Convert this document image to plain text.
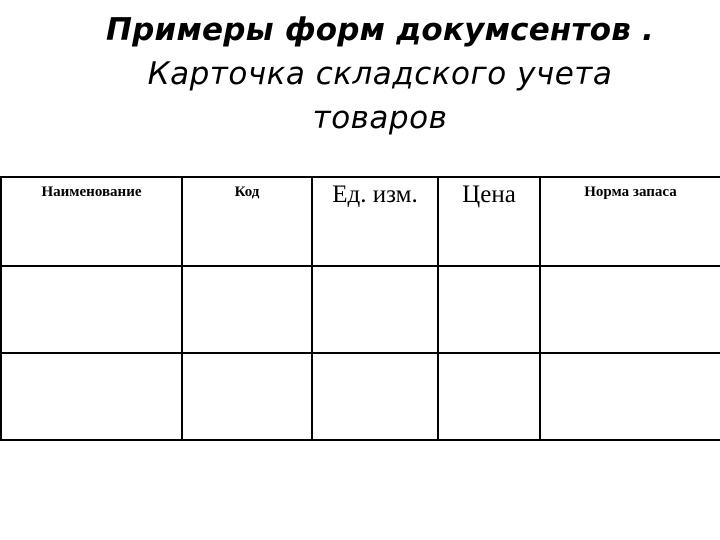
Примеры форм докумсентов .
Карточка складского учета
товаров
Наименование	Код	Ед. изм.	Цена	Норма запаса
